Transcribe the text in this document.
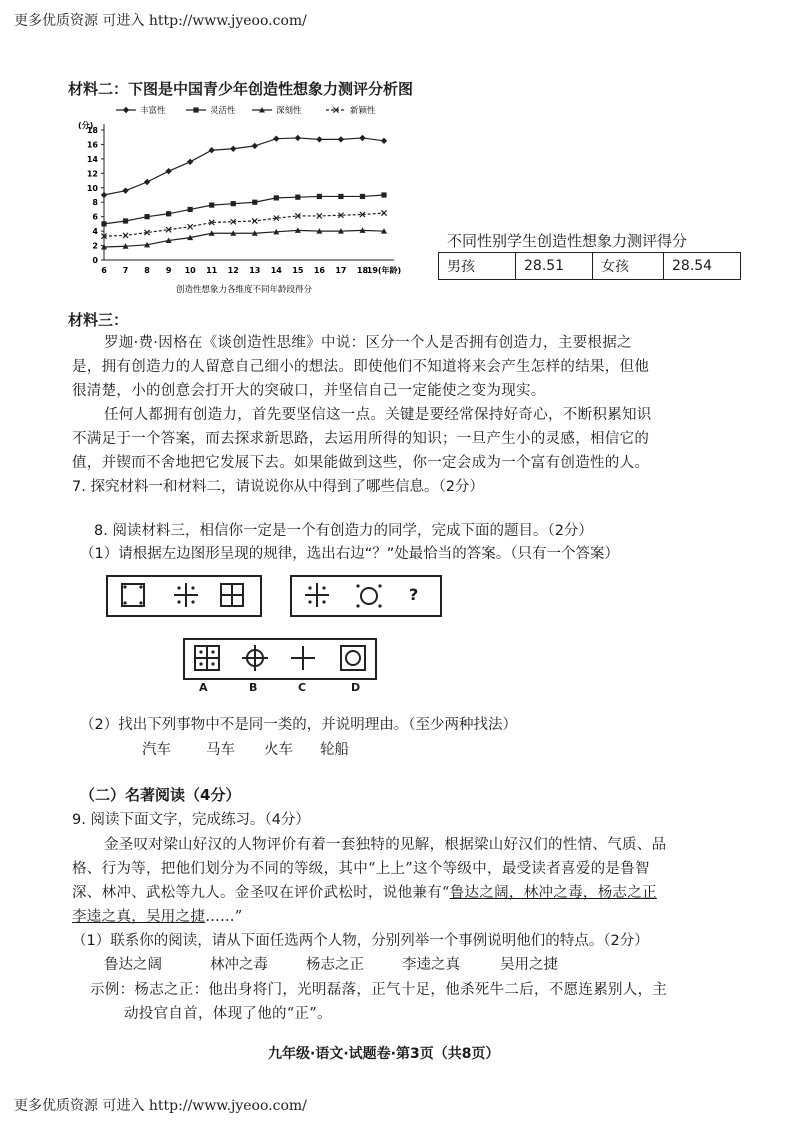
更多优质资源 可进入 http://www.jyeoo.com/
更多优质资源 可进入 http://www.jyeoo.com/
材料二：下图是中国青少年创造性想象力测评分析图
0
2
4
6
8
10
12
14
16
18
(分)
6 7 8 9 10 11 12 13 14 15 16 17 18
19(年龄)
创造性想象力各维度不同年龄段得分
丰富性	灵活性	深刻性	新颖性
不同性别学生创造性想象力测评得分
男孩	28.51	女孩	28.54
材料三：
罗迦·费·因格在《谈创造性思维》中说：区分一个人是否拥有创造力，主要根据之
是，拥有创造力的人留意自己细小的想法。即使他们不知道将来会产生怎样的结果，但他
很清楚，小的创意会打开大的突破口，并坚信自己一定能使之变为现实。
任何人都拥有创造力，首先要坚信这一点。关键是要经常保持好奇心，不断积累知识
不满足于一个答案，而去探求新思路，去运用所得的知识；一旦产生小的灵感，相信它的
值，并锲而不舍地把它发展下去。如果能做到这些，你一定会成为一个富有创造性的人。
7. 探究材料一和材料二，请说说你从中得到了哪些信息。（2分）
8. 阅读材料三，相信你一定是一个有创造力的同学，完成下面的题目。（2分）
（1）请根据左边图形呈现的规律，选出右边“？”处最恰当的答案。（只有一个答案）
?
A	B	C	D
（2）找出下列事物中不是同一类的，并说明理由。（至少两种找法）
汽车 马车 火车 轮船
（二）名著阅读（4分）
9. 阅读下面文字，完成练习。（4分）
金圣叹对梁山好汉的人物评价有着一套独特的见解，根据梁山好汉们的性情、气质、品
格、行为等，把他们划分为不同的等级，其中“上上”这个等级中，最受读者喜爱的是鲁智
深、林冲、武松等九人。金圣叹在评价武松时，说他兼有“鲁达之阔，林冲之毒，杨志之正
李逵之真，吴用之捷……”
（1）联系你的阅读，请从下面任选两个人物，分别列举一个事例说明他们的特点。（2分）
鲁达之阔	林冲之毒	杨志之正	李逵之真	吴用之捷
示例：杨志之正：他出身将门，光明磊落，正气十足，他杀死牛二后，不愿连累别人，主
动投官自首，体现了他的“正”。
九年级·语文·试题卷·第3页（共8页）
